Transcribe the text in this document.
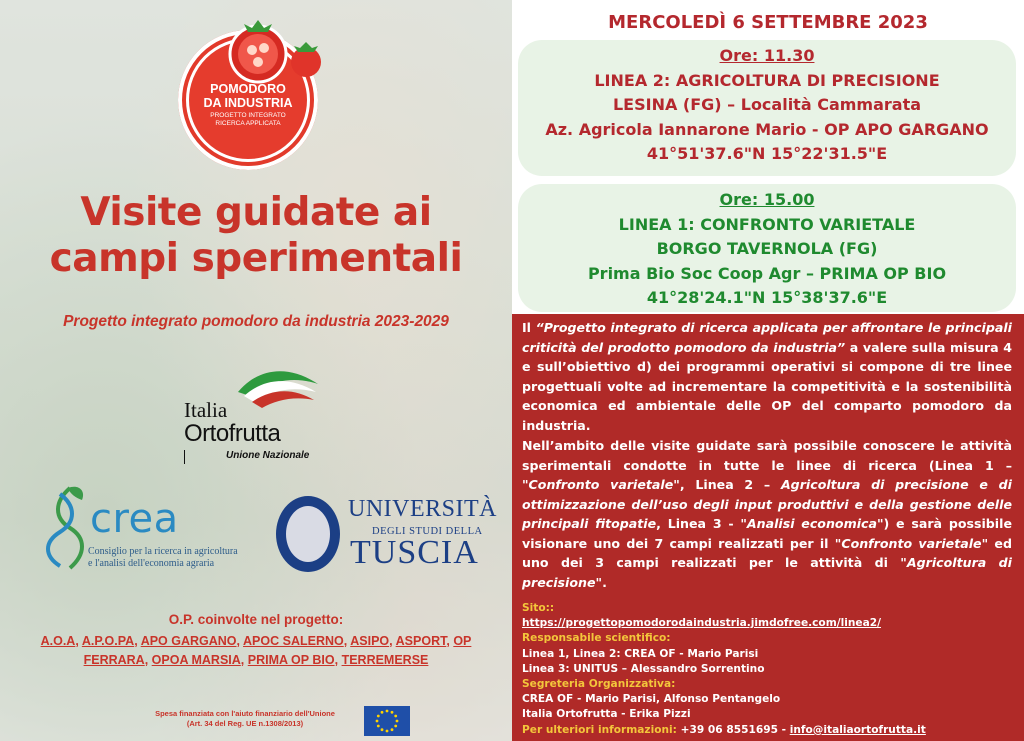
POMODORO
DA INDUSTRIA
PROGETTO INTEGRATO
RICERCA APPLICATA
Visite guidate ai
campi sperimentali
Progetto integrato pomodoro da industria 2023-2029
Italia
Ortofrutta
Unione Nazionale
crea
Consiglio per la ricerca in agricoltura
e l'analisi dell'economia agraria
UNIVERSITÀ
DEGLI STUDI DELLA
TUSCIA
O.P. coinvolte nel progetto:
A.O.A, A.P.O.PA, APO GARGANO, APOC SALERNO, ASIPO, ASPORT, OP FERRARA, OPOA MARSIA, PRIMA OP BIO, TERREMERSE
Spesa finanziata con l'aiuto finanziario dell'Unione
(Art. 34 del Reg. UE n.1308/2013)
MERCOLEDÌ 6 SETTEMBRE 2023
Ore: 11.30
LINEA 2: AGRICOLTURA DI PRECISIONE
LESINA (FG) – Località Cammarata
Az. Agricola Iannarone Mario - OP APO GARGANO
41°51'37.6"N 15°22'31.5"E
Ore: 15.00
LINEA 1: CONFRONTO VARIETALE
BORGO TAVERNOLA (FG)
Prima Bio Soc Coop Agr – PRIMA OP BIO
41°28'24.1"N 15°38'37.6"E
Il “Progetto integrato di ricerca applicata per affrontare le principali criticità del prodotto pomodoro da industria” a valere sulla misura 4 e sull’obiettivo d) dei programmi operativi si compone di tre linee progettuali volte ad incrementare la competitività e la sostenibilità economica ed ambientale delle OP del comparto pomodoro da industria.
Nell’ambito delle visite guidate sarà possibile conoscere le attività sperimentali condotte in tutte le linee di ricerca (Linea 1 – "Confronto varietale", Linea 2 – Agricoltura di precisione e di ottimizzazione dell’uso degli input produttivi e della gestione delle principali fitopatie, Linea 3 - "Analisi economica") e sarà possibile visionare uno dei 7 campi realizzati per il "Confronto varietale" ed uno dei 3 campi realizzati per le attività di "Agricoltura di precisione".
Sito::
https://progettopomodorodaindustria.jimdofree.com/linea2/
Responsabile scientifico:
Linea 1, Linea 2: CREA OF - Mario Parisi
Linea 3: UNITUS – Alessandro Sorrentino
Segreteria Organizzativa:
CREA OF - Mario Parisi, Alfonso Pentangelo
Italia Ortofrutta - Erika Pizzi
Per ulteriori informazioni: +39 06 8551695 - info@italiaortofrutta.it
